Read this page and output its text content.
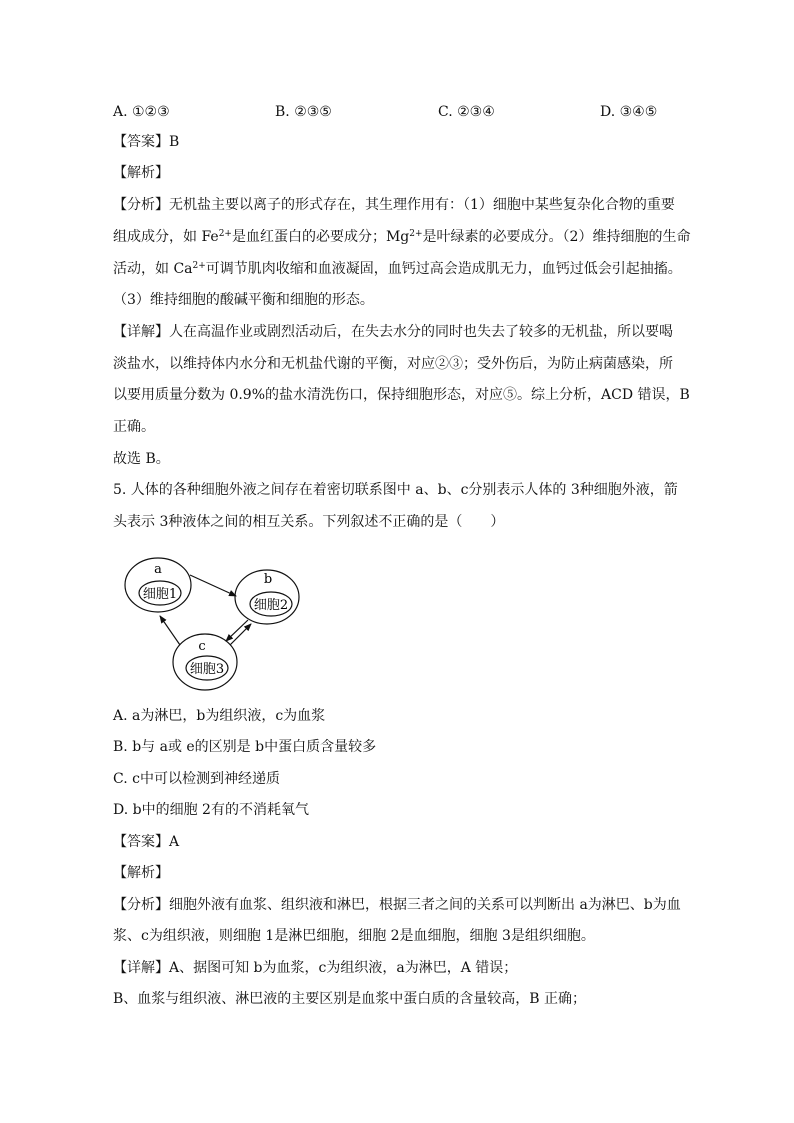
A. ①②③	B. ②③⑤	C. ②③④	D. ③④⑤
【答案】B
【解析】
【分析】无机盐主要以离子的形式存在，其生理作用有：（1）细胞中某些复杂化合物的重要
组成成分，如 $Fe^{2+}$是血红蛋白的必要成分；$Mg^{2+}$是叶绿素的必要成分。（2）维持细胞的生命
活动，如 $Ca^{2+}$可调节肌肉收缩和血液凝固，血钙过高会造成肌无力，血钙过低会引起抽搐。
（3）维持细胞的酸碱平衡和细胞的形态。
【详解】人在高温作业或剧烈活动后，在失去水分的同时也失去了较多的无机盐，所以要喝
淡盐水，以维持体内水分和无机盐代谢的平衡，对应②③；受外伤后，为防止病菌感染，所
以要用质量分数为 0.9%的盐水清洗伤口，保持细胞形态，对应⑤。综上分析，ACD 错误，B
正确。
故选 B。
5. 人体的各种细胞外液之间存在着密切联系图中 a、b、c分别表示人体的 3种细胞外液，箭
头表示 3种液体之间的相互关系。下列叙述不正确的是（　　）
a
细胞1
b
细胞2
c
细胞3
A. a为淋巴，b为组织液，c为血浆
B. b与 a或 e的区别是 b中蛋白质含量较多
C. c中可以检测到神经递质
D. b中的细胞 2有的不消耗氧气
【答案】A
【解析】
【分析】细胞外液有血浆、组织液和淋巴，根据三者之间的关系可以判断出 a为淋巴、b为血
浆、c为组织液，则细胞 1是淋巴细胞，细胞 2是血细胞，细胞 3是组织细胞。
【详解】A、据图可知 b为血浆，c为组织液，a为淋巴，A 错误；
B、血浆与组织液、淋巴液的主要区别是血浆中蛋白质的含量较高，B 正确；
